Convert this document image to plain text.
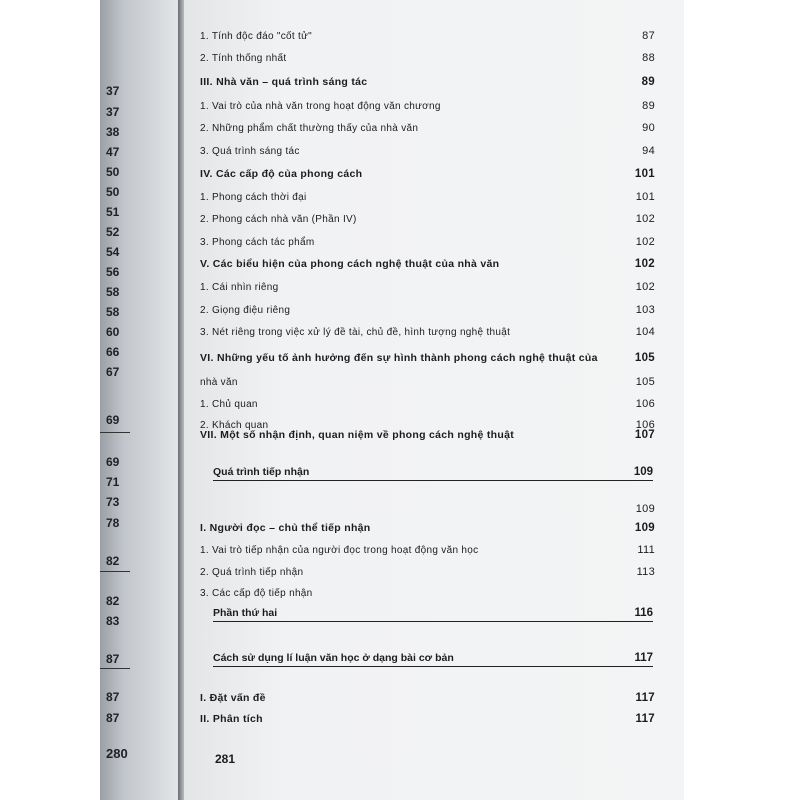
37
37
38
47
50
50
51
52
54
56
58
58
60
66
67
69
69
71
73
78
82
82
83
87
87
87
280
1. Tính độc đáo "cốt tử"	87
2. Tính thống nhất	88
III. Nhà văn – quá trình sáng tác	89
1. Vai trò của nhà văn trong hoạt động văn chương	89
2. Những phẩm chất thường thấy của nhà văn	90
3. Quá trình sáng tác	94
IV. Các cấp độ của phong cách	101
1. Phong cách thời đại	101
2. Phong cách nhà văn (Phần IV)	102
3. Phong cách tác phẩm	102
V. Các biểu hiện của phong cách nghệ thuật của nhà văn	102
1. Cái nhìn riêng	102
2. Giọng điệu riêng	103
3. Nét riêng trong việc xử lý đề tài, chủ đề, hình tượng nghệ thuật	104
VI. Những yếu tố ảnh hưởng đến sự hình thành phong cách nghệ thuật của	105
nhà văn	105
1. Chủ quan	106
2. Khách quan	106
VII. Một số nhận định, quan niệm về phong cách nghệ thuật	107
Quá trình tiếp nhận	109
109
I. Người đọc – chủ thể tiếp nhận	109
1. Vai trò tiếp nhận của người đọc trong hoạt động văn học	111
2. Quá trình tiếp nhận	113
3. Các cấp độ tiếp nhận
Phần thứ hai	116
Cách sử dụng lí luận văn học ở dạng bài cơ bản	117
I. Đặt vấn đề	117
II. Phân tích	117
281
